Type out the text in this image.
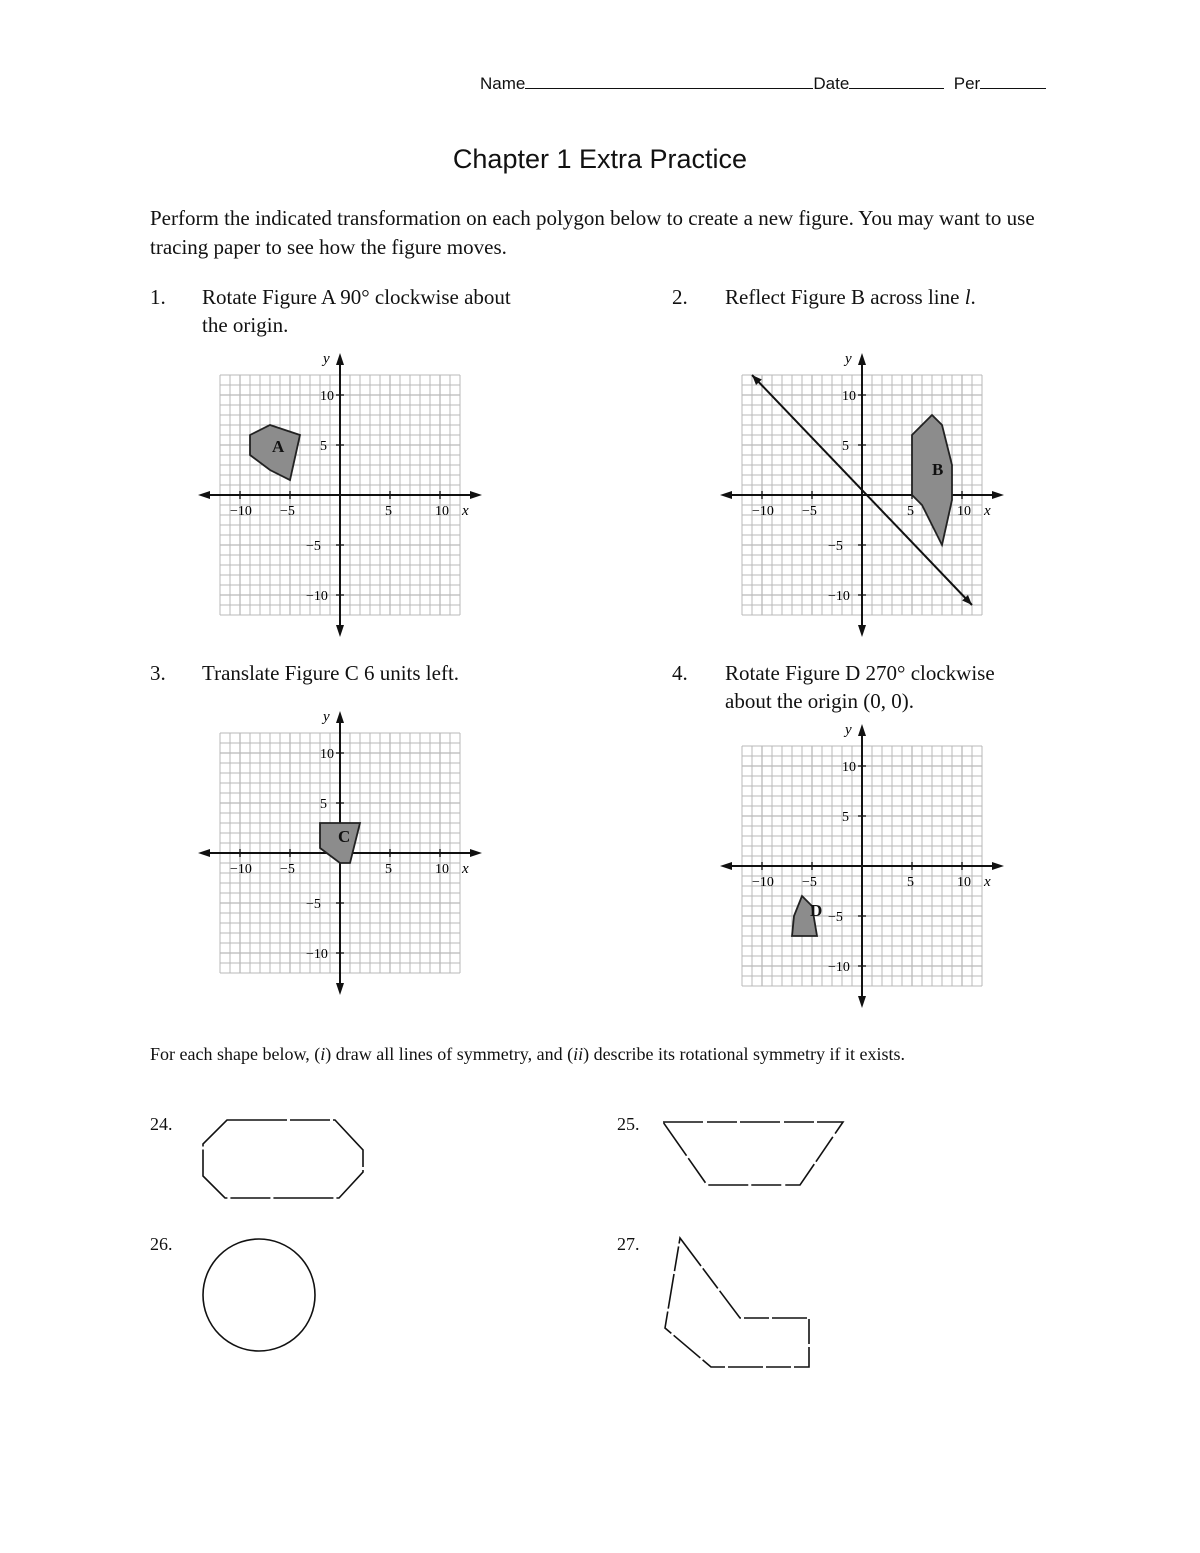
Name	Date	Per
Chapter 1 Extra Practice
Perform the indicated transformation on each polygon below to create a new figure. You may want to use tracing paper to see how the figure moves.
1. Rotate Figure A 90° clockwise about the origin.
2. Reflect Figure B across line l.
3. Translate Figure C 6 units left.	4. Rotate Figure D 270° clockwise about the origin (0, 0).
−10
−10
−5
−5
5
5
10
10
x
y
A
−10
−10
−5
−5
5
5
10
10
x
y
B
−10
−10
−5
−5
5
5
10
10
x
y
C
−10
−10
−5
−5
5
5
10
10
x
y
D
For each shape below, (i) draw all lines of symmetry, and (ii) describe its rotational symmetry if it exists.
24.	25.
26.	27.
